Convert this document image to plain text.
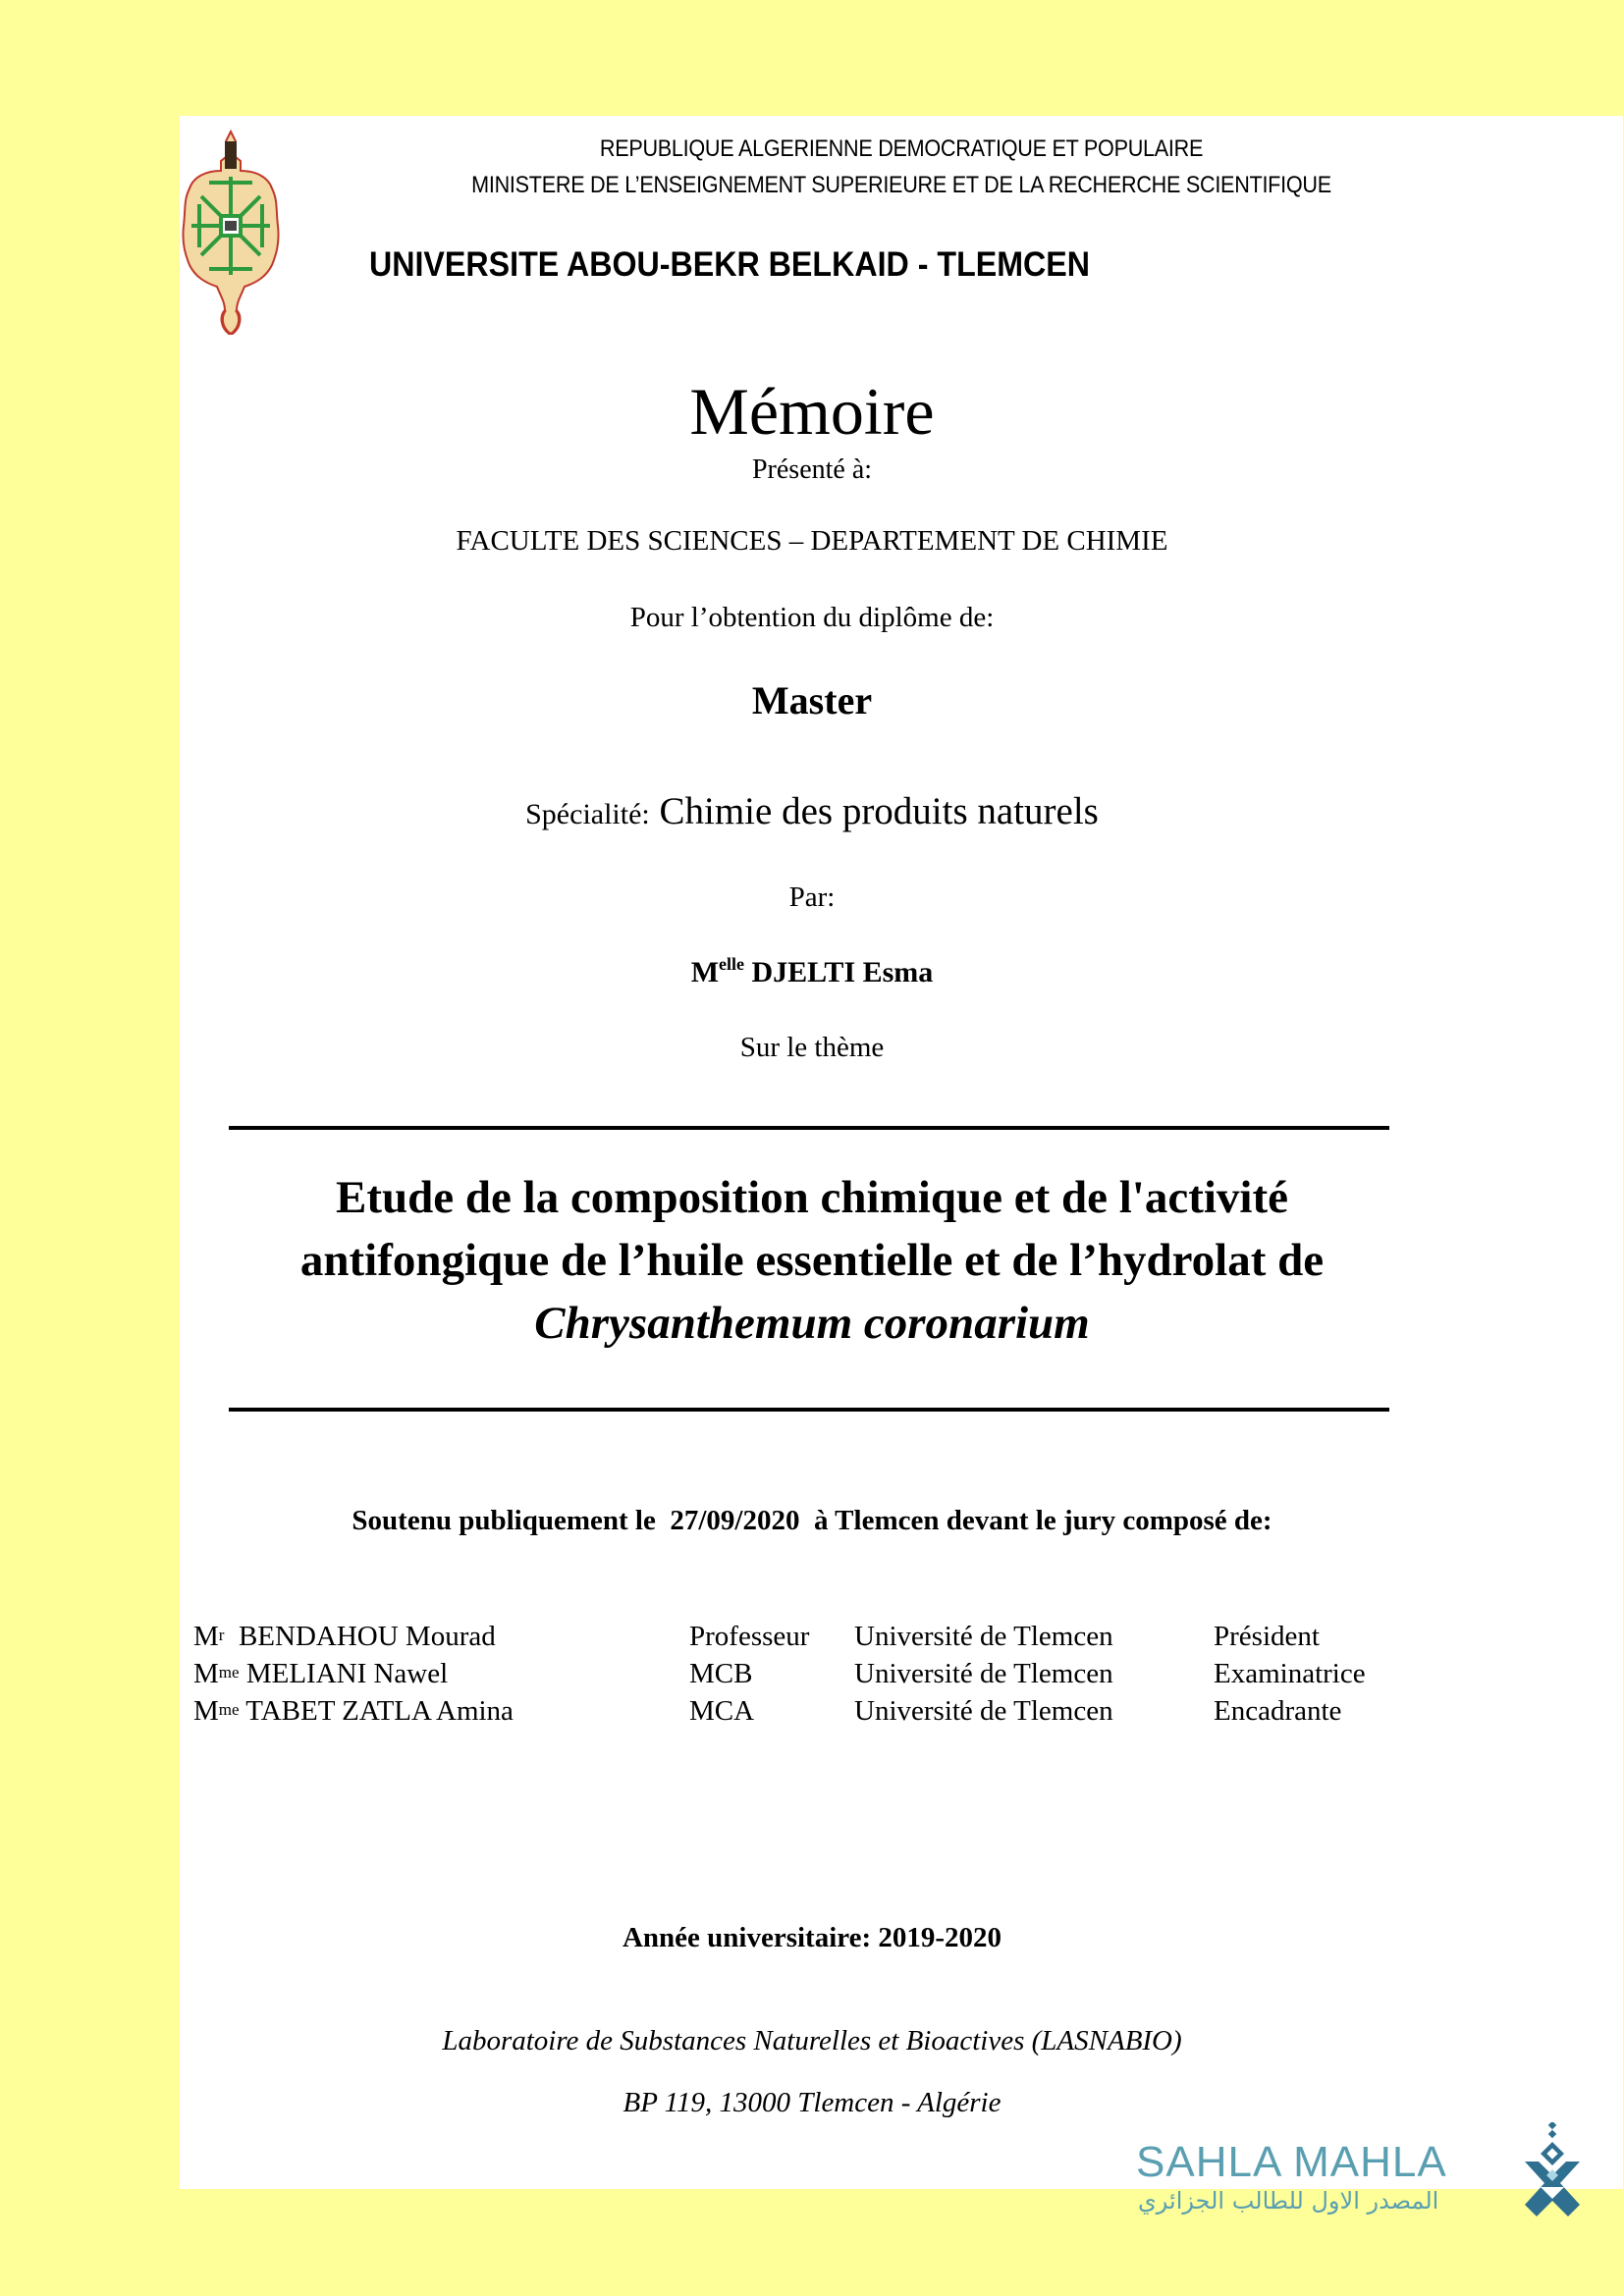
REPUBLIQUE ALGERIENNE DEMOCRATIQUE ET POPULAIRE
MINISTERE DE L’ENSEIGNEMENT SUPERIEURE ET DE LA RECHERCHE SCIENTIFIQUE
UNIVERSITE ABOU-BEKR BELKAID - TLEMCEN
Mémoire
Présenté à:
FACULTE DES SCIENCES – DEPARTEMENT DE CHIMIE
Pour l’obtention du diplôme de:
Master
Spécialité: Chimie des produits naturels
Par:
$M^{elle}$ DJELTI Esma
Sur le thème
Etude de la composition chimique et de l'activité
antifongique de l’huile essentielle et de l’hydrolat de
Chrysanthemum coronarium
Soutenu publiquement le  27/09/2020  à Tlemcen devant le jury composé de:
$M^r$  BENDAHOU Mourad	Professeur Université de Tlemcen	Président
$M^{me}$ MELIANI Nawel	MCB	Université de Tlemcen	Examinatrice
$M^{me}$ TABET ZATLA Amina	MCA	Université de Tlemcen	Encadrante
Année universitaire: 2019-2020
Laboratoire de Substances Naturelles et Bioactives (LASNABIO)
BP 119, 13000 Tlemcen - Algérie
SAHLA MAHLA
المصدر الاول للطالب الجزائري
